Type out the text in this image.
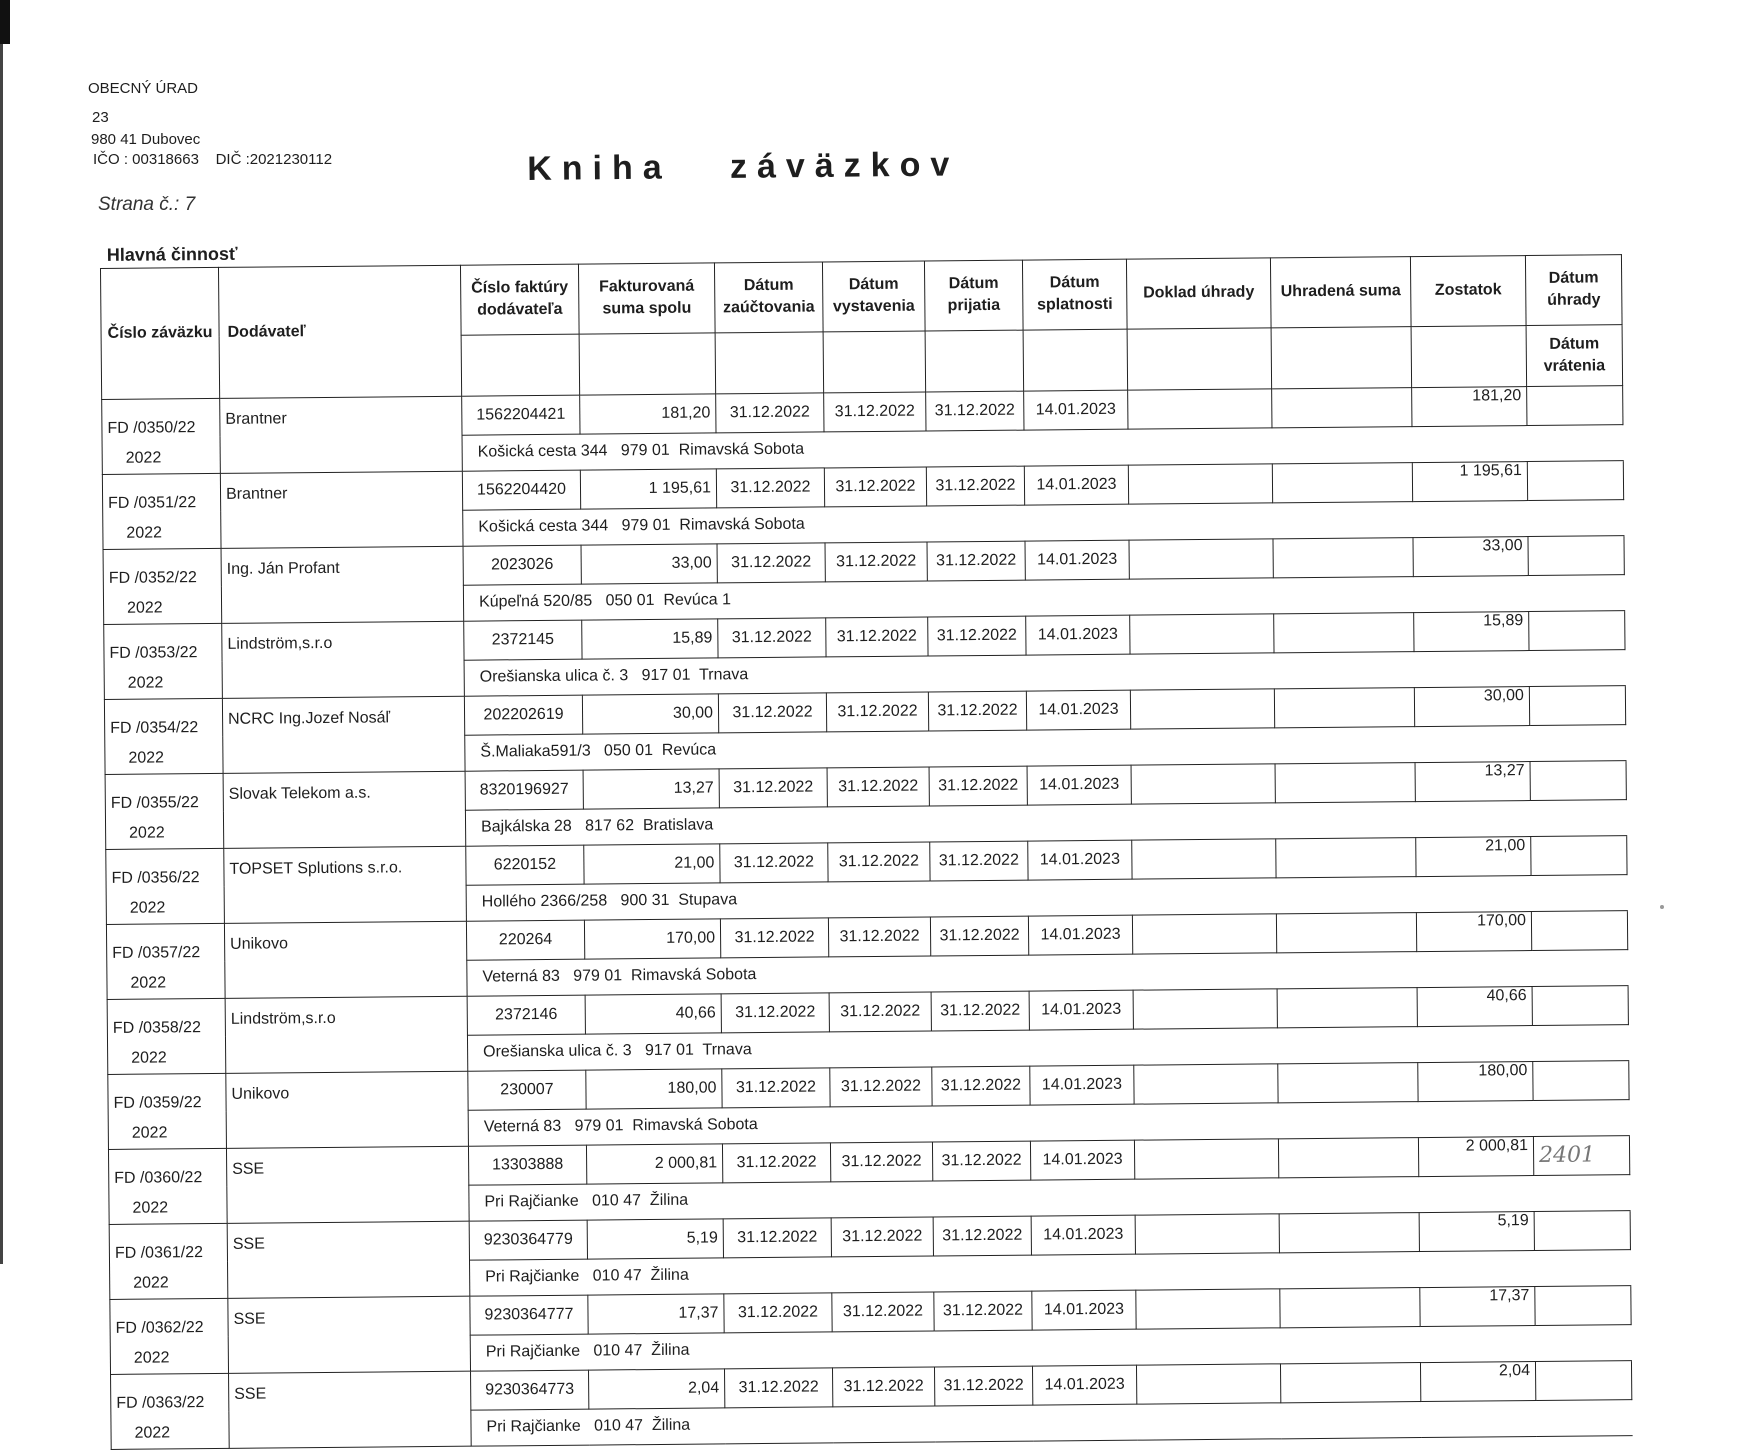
OBECNÝ ÚRAD
23
980 41 Dubovec
IČO : 00318663    DIČ :2021230112
Strana č.: 7
Kniha   záväzkov
Hlavná činnosť
Číslo záväzku	Dodávateľ	Číslo faktúry dodávateľa	Fakturovaná suma spolu	Dátum zaúčtovania	Dátum vystavenia	Dátum prijatia	Dátum splatnosti	Doklad úhrady	Uhradená suma	Zostatok	Dátum úhrady
											Dátum vrátenia

FD /0350/22
2022	Brantner	1562204421	181,20	31.12.2022	31.12.2022	31.12.2022	14.01.2023			181,20	
		Košická cesta 344   979 01  Rimavská Sobota									

FD /0351/22
2022	Brantner	1562204420	1 195,61	31.12.2022	31.12.2022	31.12.2022	14.01.2023			1 195,61	
		Košická cesta 344   979 01  Rimavská Sobota									

FD /0352/22
2022	Ing. Ján Profant	2023026	33,00	31.12.2022	31.12.2022	31.12.2022	14.01.2023			33,00	
		Kúpeľná 520/85   050 01  Revúca 1									

FD /0353/22
2022	Lindström,s.r.o	2372145	15,89	31.12.2022	31.12.2022	31.12.2022	14.01.2023			15,89	
		Orešianska ulica č. 3   917 01  Trnava									

FD /0354/22
2022	NCRC Ing.Jozef Nosáľ	202202619	30,00	31.12.2022	31.12.2022	31.12.2022	14.01.2023			30,00	
		Š.Maliaka591/3   050 01  Revúca									

FD /0355/22
2022	Slovak Telekom a.s.	8320196927	13,27	31.12.2022	31.12.2022	31.12.2022	14.01.2023			13,27	
		Bajkálska 28   817 62  Bratislava									

FD /0356/22
2022	TOPSET Splutions s.r.o.	6220152	21,00	31.12.2022	31.12.2022	31.12.2022	14.01.2023			21,00	
		Hollého 2366/258   900 31  Stupava									

FD /0357/22
2022	Unikovo	220264	170,00	31.12.2022	31.12.2022	31.12.2022	14.01.2023			170,00	
		Veterná 83   979 01  Rimavská Sobota									

FD /0358/22
2022	Lindström,s.r.o	2372146	40,66	31.12.2022	31.12.2022	31.12.2022	14.01.2023			40,66	
		Orešianska ulica č. 3   917 01  Trnava									

FD /0359/22
2022	Unikovo	230007	180,00	31.12.2022	31.12.2022	31.12.2022	14.01.2023			180,00	
		Veterná 83   979 01  Rimavská Sobota									

FD /0360/22
2022	SSE	13303888	2 000,81	31.12.2022	31.12.2022	31.12.2022	14.01.2023			2 000,81	2401
		Pri Rajčianke   010 47  Žilina									

FD /0361/22
2022	SSE	9230364779	5,19	31.12.2022	31.12.2022	31.12.2022	14.01.2023			5,19	
		Pri Rajčianke   010 47  Žilina									

FD /0362/22
2022	SSE	9230364777	17,37	31.12.2022	31.12.2022	31.12.2022	14.01.2023			17,37	
		Pri Rajčianke   010 47  Žilina									

FD /0363/22
2022	SSE	9230364773	2,04	31.12.2022	31.12.2022	31.12.2022	14.01.2023			2,04	
		Pri Rajčianke   010 47  Žilina									
